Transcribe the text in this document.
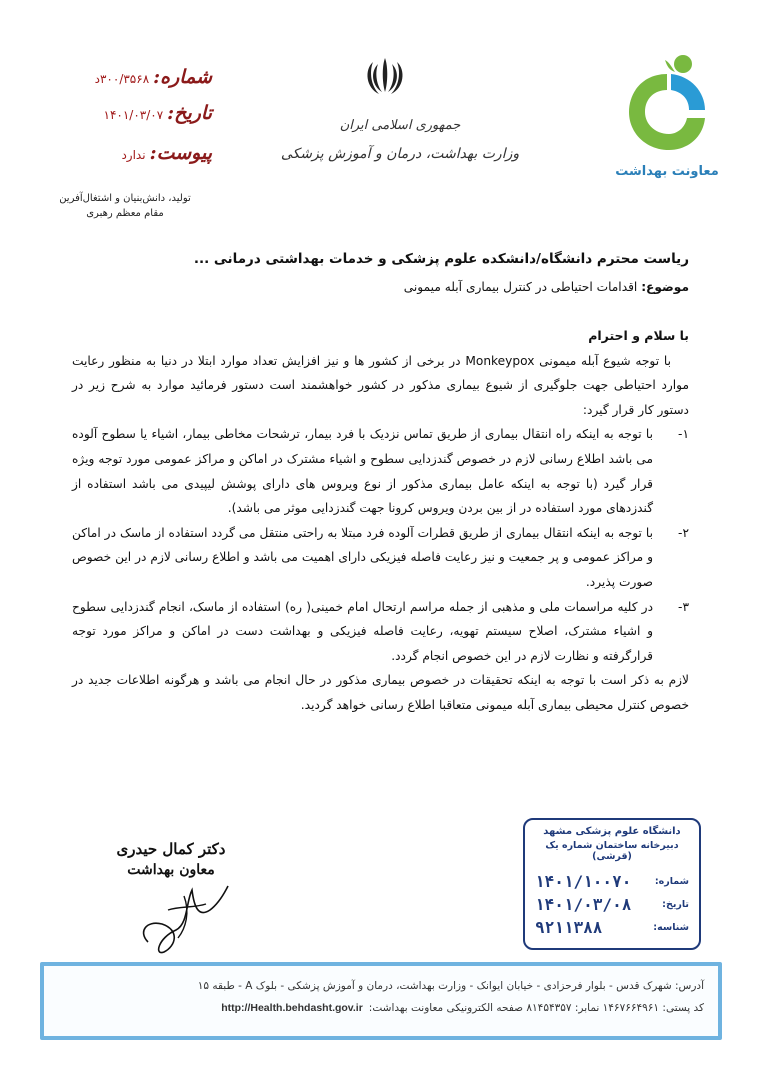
شماره:
۳۰۰/۳۵۶۸د
تاریخ:
۱۴۰۱/۰۳/۰۷
پیوست:
ندارد
تولید، دانش‌بنیان و اشتغال‌آفرین
مقام معظم رهبری
جمهوری اسلامی ایران
وزارت بهداشت، درمان و آموزش پزشکی
معاونت بهداشت

ریاست محترم دانشگاه/دانشکده علوم پزشکی و خدمات بهداشتی درمانی ...

موضوع: اقدامات احتیاطی در کنترل بیماری آبله میمونی

با سلام و احترام

با توجه شیوع آبله میمونی Monkeypox در برخی از کشور ها و نیز افزایش تعداد موارد ابتلا در دنیا به منظور رعایت موارد احتیاطی جهت جلوگیری از شیوع بیماری مذکور در کشور خواهشمند است دستور فرمائید موارد به شرح زیر در دستور کار قرار گیرد:

۱-
با توجه به اینکه راه انتقال بیماری از طریق تماس نزدیک با فرد بیمار، ترشحات مخاطی بیمار، اشیاء یا سطوح آلوده می باشد اطلاع رسانی لازم در خصوص گندزدایی سطوح و اشیاء مشترک در اماکن و مراکز عمومی مورد توجه ویژه قرار گیرد (با توجه به اینکه عامل بیماری مذکور از نوع ویروس های دارای پوشش لیپیدی می باشد استفاده از گندزدهای مورد استفاده در از بین بردن ویروس کرونا جهت گندزدایی موثر می باشد).
۲-
با توجه به اینکه انتقال بیماری از طریق قطرات آلوده فرد مبتلا به راحتی منتقل می گردد استفاده از ماسک در اماکن و مراکز عمومی و پر جمعیت و نیز رعایت فاصله فیزیکی دارای اهمیت می باشد و اطلاع رسانی لازم در این خصوص صورت پذیرد.
۳-
در کلیه مراسمات ملی و مذهبی از جمله مراسم ارتحال امام خمینی( ره) استفاده از ماسک، انجام گندزدایی سطوح و اشیاء مشترک، اصلاح سیستم تهویه، رعایت فاصله فیزیکی و بهداشت دست در اماکن و مراکز مورد توجه قرارگرفته و نظارت لازم در این خصوص انجام گردد.

لازم به ذکر است با توجه به اینکه تحقیقات در خصوص بیماری مذکور در حال انجام می باشد و هرگونه اطلاعات جدید در خصوص کنترل محیطی بیماری آبله میمونی متعاقبا اطلاع رسانی خواهد گردید.

دکتر کمال حیدری
معاون بهداشت
دانشگاه علوم پزشکی مشهد
دبیرخانه ساختمان شماره یک (قرشی)
شماره:
۱۴۰۱/۱۰۰۷۰
تاریخ:
۱۴۰۱/۰۳/۰۸
شناسه:
۹۲۱۱۳۸۸
آدرس: شهرک قدس - بلوار فرحزادی - خیابان ایوانک - وزارت بهداشت، درمان و آموزش پزشکی - بلوک A - طبقه ۱۵
کد پستی: ۱۴۶۷۶۶۴۹۶۱ نمابر: ۸۱۴۵۴۳۵۷ صفحه الکترونیکی معاونت بهداشت:
http://Health.behdasht.gov.ir
